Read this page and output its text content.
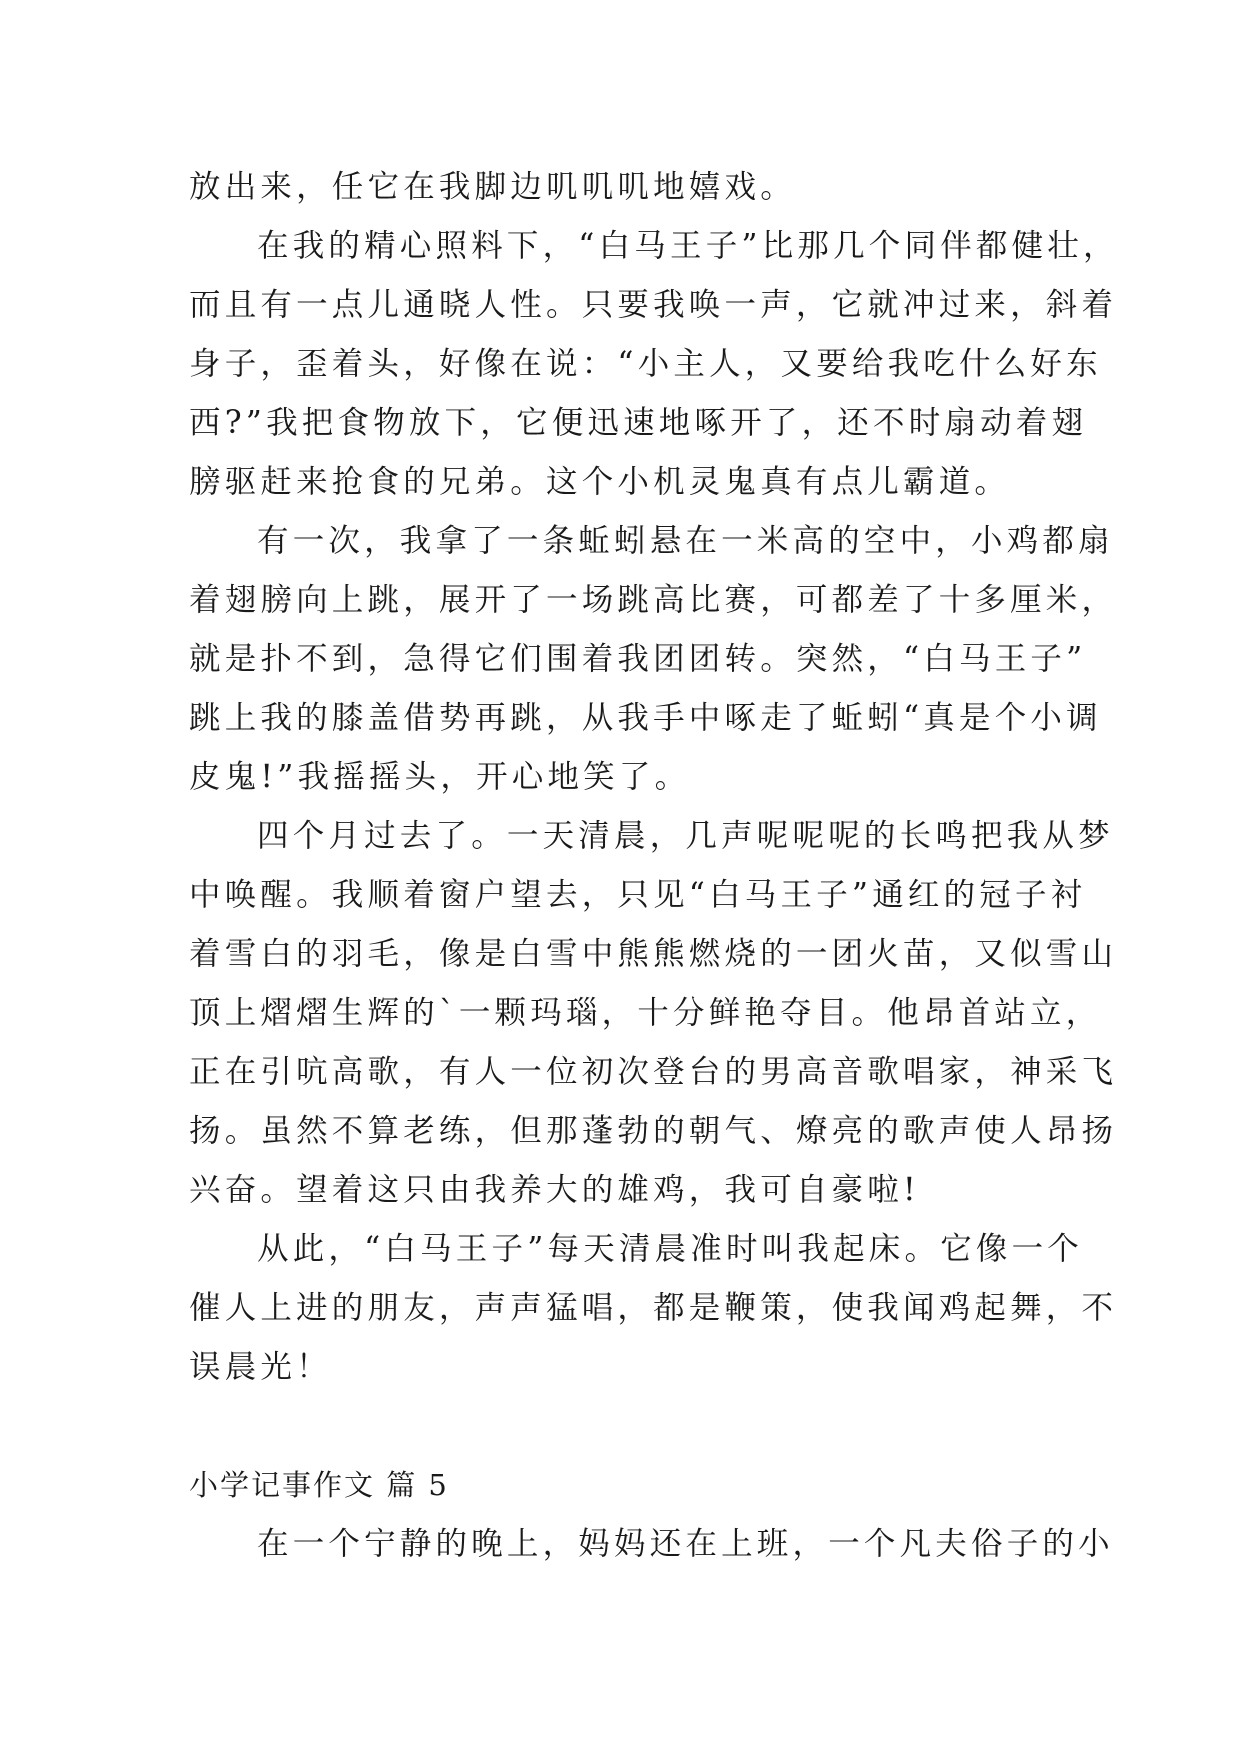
放出来，任它在我脚边叽叽叽地嬉戏。
在我的精心照料下，“白马王子”比那几个同伴都健壮，
而且有一点儿通晓人性。只要我唤一声，它就冲过来，斜着
身子，歪着头，好像在说：“小主人，又要给我吃什么好东
西?”我把食物放下，它便迅速地啄开了，还不时扇动着翅
膀驱赶来抢食的兄弟。这个小机灵鬼真有点儿霸道。
有一次，我拿了一条蚯蚓悬在一米高的空中，小鸡都扇
着翅膀向上跳，展开了一场跳高比赛，可都差了十多厘米，
就是扑不到，急得它们围着我团团转。突然，“白马王子”
跳上我的膝盖借势再跳，从我手中啄走了蚯蚓“真是个小调
皮鬼!”我摇摇头，开心地笑了。
四个月过去了。一天清晨，几声呢呢呢的长鸣把我从梦
中唤醒。我顺着窗户望去，只见“白马王子”通红的冠子衬
着雪白的羽毛，像是白雪中熊熊燃烧的一团火苗，又似雪山
顶上熠熠生辉的`一颗玛瑙，十分鲜艳夺目。他昂首站立，
正在引吭高歌，有人一位初次登台的男高音歌唱家，神采飞
扬。虽然不算老练，但那蓬勃的朝气、燎亮的歌声使人昂扬
兴奋。望着这只由我养大的雄鸡，我可自豪啦!
从此，“白马王子”每天清晨准时叫我起床。它像一个
催人上进的朋友，声声猛唱，都是鞭策，使我闻鸡起舞，不
误晨光！
小学记事作文 篇 5
在一个宁静的晚上，妈妈还在上班，一个凡夫俗子的小
